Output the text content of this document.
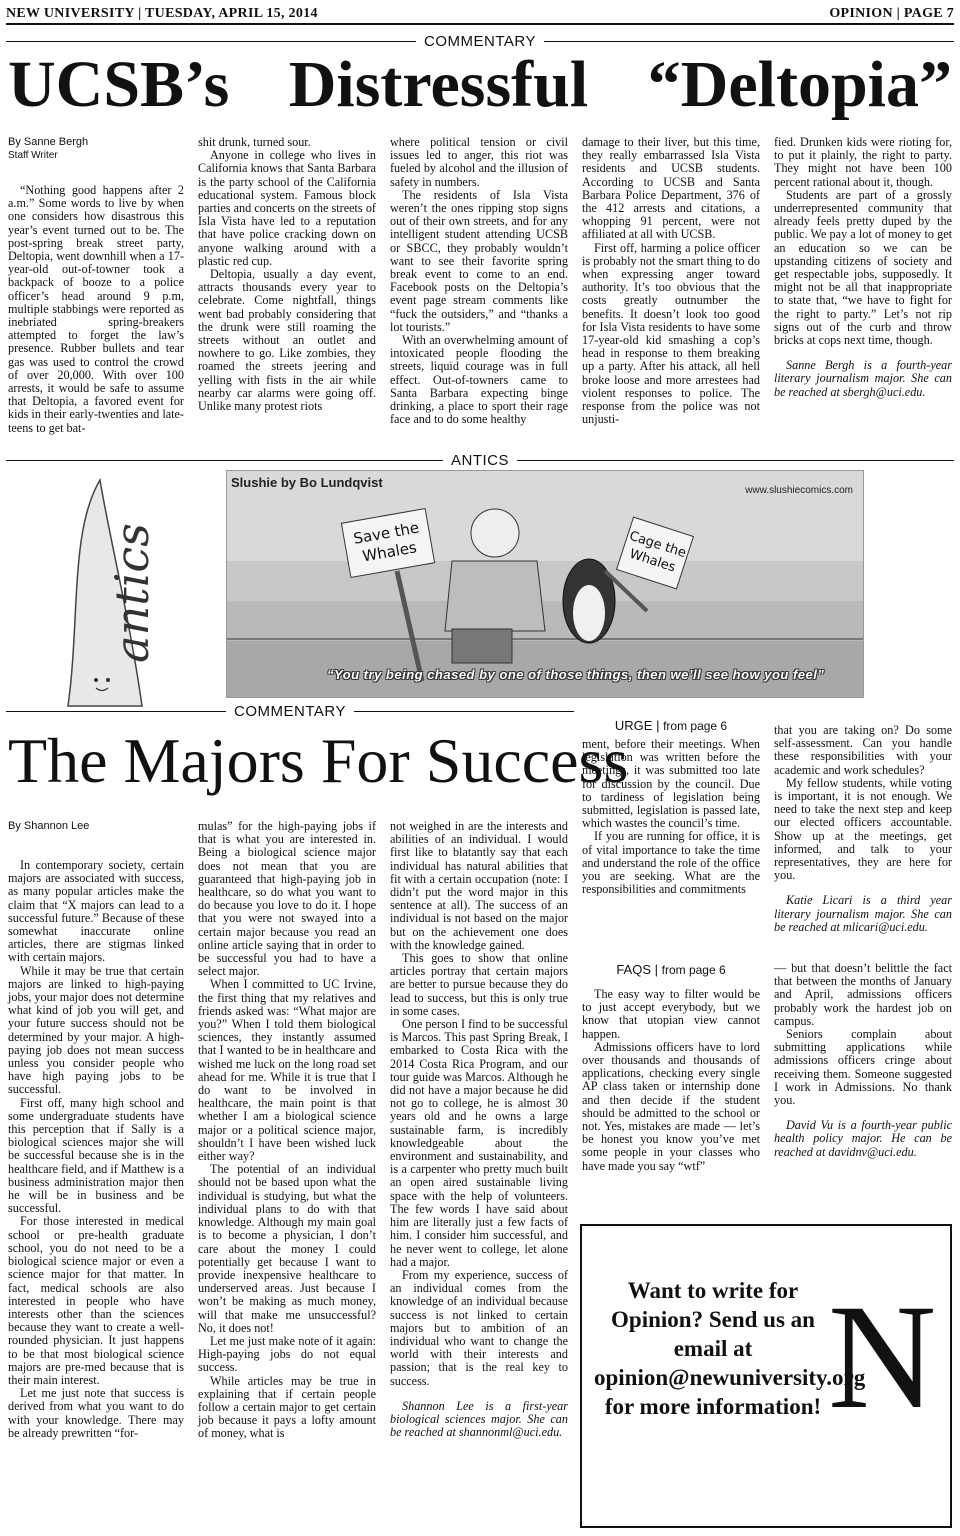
NEW UNIVERSITY | TUESDAY, APRIL 15, 2014	OPINION | PAGE 7
COMMENTARY
UCSB’s Distressful “Deltopia”
By Sanne Bergh
Staff Writer

“Nothing good happens after 2 a.m.” Some words to live by when one considers how disastrous this year’s event turned out to be. The post-spring break street party, Deltopia, went downhill when a 17-year-old out-of-towner took a backpack of booze to a police officer’s head around 9 p.m, multiple stabbings were reported as inebriated spring-breakers attempted to forget the law’s presence. Rubber bullets and tear gas was used to control the crowd of over 20,000. With over 100 arrests, it would be safe to assume that Deltopia, a favored event for kids in their early-twenties and late-teens to get bat-

shit drunk, turned sour.

Anyone in college who lives in California knows that Santa Barbara is the party school of the California educational system. Famous block parties and concerts on the streets of Isla Vista have led to a reputation that have police cracking down on anyone walking around with a plastic red cup.

Deltopia, usually a day event, attracts thousands every year to celebrate. Come nightfall, things went bad probably considering that the drunk were still roaming the streets without an outlet and nowhere to go. Like zombies, they roamed the streets jeering and yelling with fists in the air while nearby car alarms were going off. Unlike many protest riots

where political tension or civil issues led to anger, this riot was fueled by alcohol and the illusion of safety in numbers.

The residents of Isla Vista weren’t the ones ripping stop signs out of their own streets, and for any intelligent student attending UCSB or SBCC, they probably wouldn’t want to see their favorite spring break event to come to an end. Facebook posts on the Deltopia’s event page stream comments like “fuck the outsiders,” and “thanks a lot tourists.”

With an overwhelming amount of intoxicated people flooding the streets, liquid courage was in full effect. Out-of-towners came to Santa Barbara expecting binge drinking, a place to sport their rage face and to do some healthy

damage to their liver, but this time, they really embarrassed Isla Vista residents and UCSB students. According to UCSB and Santa Barbara Police Department, 376 of the 412 arrests and citations, a whopping 91 percent, were not affiliated at all with UCSB.

First off, harming a police officer is probably not the smart thing to do when expressing anger toward authority. It’s too obvious that the costs greatly outnumber the benefits. It doesn’t look too good for Isla Vista residents to have some 17-year-old kid smashing a cop’s head in response to them breaking up a party. After his attack, all hell broke loose and more arrestees had violent responses to police. The response from the police was not unjusti-

fied. Drunken kids were rioting for, to put it plainly, the right to party. They might not have been 100 percent rational about it, though.

Students are part of a grossly underrepresented community that already feels pretty duped by the public. We pay a lot of money to get an education so we can be upstanding citizens of society and get respectable jobs, supposedly. It might not be all that inappropriate to state that, “we have to fight for the right to party.” Let’s not rip signs out of the curb and throw bricks at cops next time, though.

Sanne Bergh is a fourth-year literary journalism major. She can be reached at sbergh@uci.edu.

ANTICS
antics
Slushie by Bo Lundqvist
www.slushiecomics.com
Save the Whales	Cage the Whales
“You try being chased by one of those things, then we’ll see how you feel”
COMMENTARY
The Majors For Success
By Shannon Lee

In contemporary society, certain majors are associated with success, as many popular articles make the claim that “X majors can lead to a successful future.” Because of these somewhat inaccurate online articles, there are stigmas linked with certain majors.

While it may be true that certain majors are linked to high-paying jobs, your major does not determine what kind of job you will get, and your future success should not be determined by your major. A high-paying job does not mean success unless you consider people who have high paying jobs to be successful.

First off, many high school and some undergraduate students have this perception that if Sally is a biological sciences major she will be successful because she is in the healthcare field, and if Matthew is a business administration major then he will be in business and be successful.

For those interested in medical school or pre-health graduate school, you do not need to be a biological science major or even a science major for that matter. In fact, medical schools are also interested in people who have interests other than the sciences because they want to create a well-rounded physician. It just happens to be that most biological science majors are pre-med because that is their main interest.

Let me just note that success is derived from what you want to do with your knowledge. There may be already prewritten “for-

mulas” for the high-paying jobs if that is what you are interested in. Being a biological science major does not mean that you are guaranteed that high-paying job in healthcare, so do what you want to do because you love to do it. I hope that you were not swayed into a certain major because you read an online article saying that in order to be successful you had to have a select major.

When I committed to UC Irvine, the first thing that my relatives and friends asked was: “What major are you?” When I told them biological sciences, they instantly assumed that I wanted to be in healthcare and wished me luck on the long road set ahead for me. While it is true that I do want to be involved in healthcare, the main point is that whether I am a biological science major or a political science major, shouldn’t I have been wished luck either way?

The potential of an individual should not be based upon what the individual is studying, but what the individual plans to do with that knowledge. Although my main goal is to become a physician, I don’t care about the money I could potentially get because I want to provide inexpensive healthcare to underserved areas. Just because I won’t be making as much money, will that make me unsuccessful? No, it does not!

Let me just make note of it again: High-paying jobs do not equal success.

While articles may be true in explaining that if certain people follow a certain major to get certain job because it pays a lofty amount of money, what is

not weighed in are the interests and abilities of an individual. I would first like to blatantly say that each individual has natural abilities that fit with a certain occupation (note: I didn’t put the word major in this sentence at all). The success of an individual is not based on the major but on the achievement one does with the knowledge gained.

This goes to show that online articles portray that certain majors are better to pursue because they do lead to success, but this is only true in some cases.

One person I find to be successful is Marcos. This past Spring Break, I embarked to Costa Rica with the 2014 Costa Rica Program, and our tour guide was Marcos. Although he did not have a major because he did not go to college, he is almost 30 years old and he owns a large sustainable farm, is incredibly knowledgeable about the environment and sustainability, and is a carpenter who pretty much built an open aired sustainable living space with the help of volunteers. The few words I have said about him are literally just a few facts of him. I consider him successful, and he never went to college, let alone had a major.

From my experience, success of an individual comes from the knowledge of an individual because success is not linked to certain majors but to ambition of an individual who want to change the world with their interests and passion; that is the real key to success.

Shannon Lee is a first-year biological sciences major. She can be reached at shannonml@uci.edu.

URGE | from page 6

ment, before their meetings. When legislation was written before the meetings, it was submitted too late for discussion by the council. Due to tardiness of legislation being submitted, legislation is passed late, which wastes the council’s time.

If you are running for office, it is of vital importance to take the time and understand the role of the office you are seeking. What are the responsibilities and commitments

that you are taking on? Do some self-assessment. Can you handle these responsibilities with your academic and work schedules?

My fellow students, while voting is important, it is not enough. We need to take the next step and keep our elected officers accountable. Show up at the meetings, get informed, and talk to your representatives, they are here for you.

Katie Licari is a third year literary journalism major. She can be reached at mlicari@uci.edu.

FAQS | from page 6

The easy way to filter would be to just accept everybody, but we know that utopian view cannot happen.

Admissions officers have to lord over thousands and thousands of applications, checking every single AP class taken or internship done and then decide if the student should be admitted to the school or not. Yes, mistakes are made — let’s be honest you know you’ve met some people in your classes who have made you say “wtf”

— but that doesn’t belittle the fact that between the months of January and April, admissions officers probably work the hardest job on campus.

Seniors complain about submitting applications while admissions officers cringe about receiving them. Someone suggested I work in Admissions. No thank you.

David Vu is a fourth-year public health policy major. He can be reached at davidnv@uci.edu.

Want to write for Opinion? Send us an email at opinion@newuniversity.org for more information! N
